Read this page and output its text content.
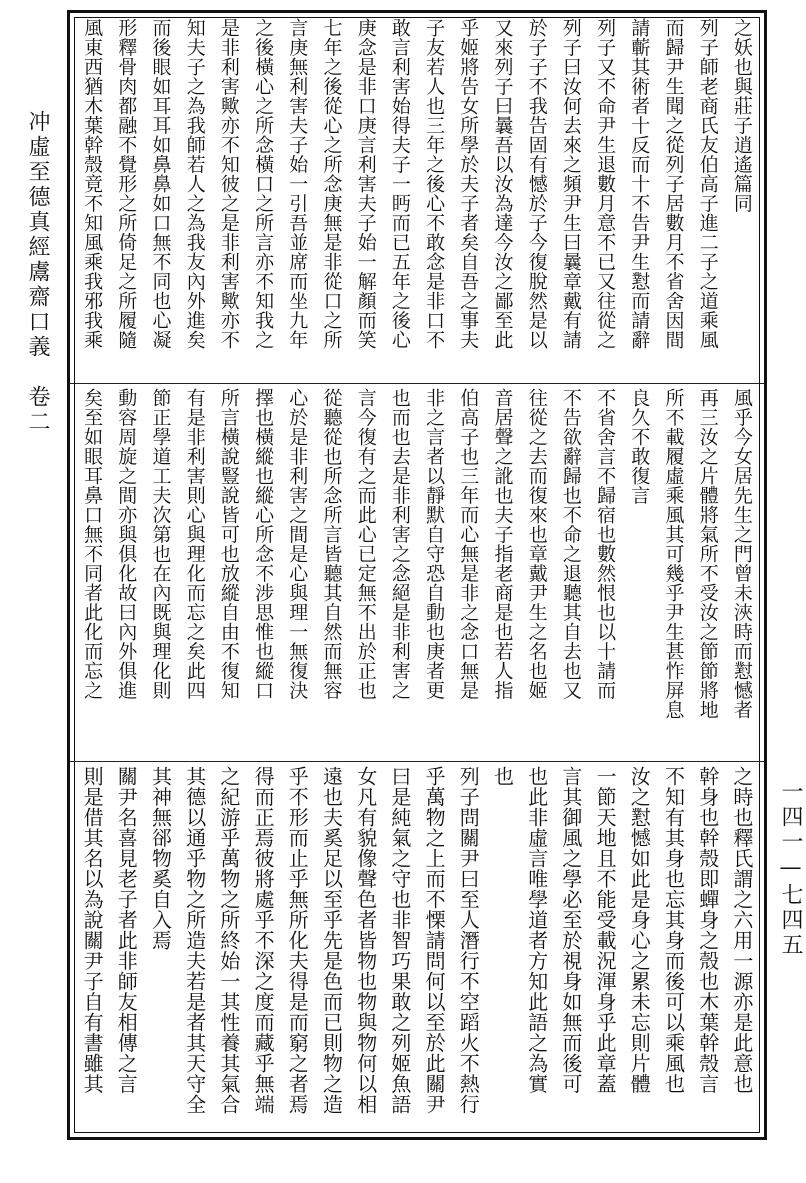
冲虛至德真經鬳齋口義　卷二
一四一—七四五
之妖也與莊子逍遙篇同
列子師老商氏友伯高子進二子之道乘風
而歸尹生聞之從列子居數月不省舍因間
請蘄其術者十反而十不告尹生懟而請辭
列子又不命尹生退數月意不已又往從之
列子曰汝何去來之頻尹生曰曩章戴有請
於子子不我告固有憾於子今復脫然是以
又來列子曰曩吾以汝為達今汝之鄙至此
乎姬將告女所學於夫子者矣自吾之事夫
子友若人也三年之後心不敢念是非口不
敢言利害始得夫子一眄而已五年之後心
庚念是非口庚言利害夫子始一解顏而笑
七年之後從心之所念庚無是非從口之所
言庚無利害夫子始一引吾並席而坐九年
之後橫心之所念橫口之所言亦不知我之
是非利害歟亦不知彼之是非利害歟亦不
知夫子之為我師若人之為我友內外進矣
而後眼如耳耳如鼻鼻如口無不同也心凝
形釋骨肉都融不覺形之所倚足之所履隨
風東西猶木葉幹殼竟不知風乘我邪我乘
風乎今女居先生之門曾未浹時而懟憾者
再三汝之片體將氣所不受汝之節節將地
所不載履虛乘風其可幾乎尹生甚怍屏息
良久不敢復言
不省舍言不歸宿也數然恨也以十請而
不告欲辭歸也不命之退聽其自去也又
往從之去而復來也章戴尹生之名也姬
音居聲之訛也夫子指老商是也若人指
伯高子也三年而心無是非之念口無是
非之言者以靜默自守恐自動也庚者更
也而也去是非利害之念絕是非利害之
言今復有之而此心已定無不出於正也
從聽從也所念所言皆聽其自然而無容
心於是非利害之間是心與理一無復決
擇也橫縱也縱心所念不涉思惟也縱口
所言橫說豎說皆可也放縱自由不復知
有是非利害則心與理化而忘之矣此四
節正學道工夫次第也在內既與理化則
動容周旋之間亦與俱化故曰內外俱進
矣至如眼耳鼻口無不同者此化而忘之
之時也釋氏謂之六用一源亦是此意也
幹身也幹殼即蟬身之殼也木葉幹殼言
不知有其身也忘其身而後可以乘風也
汝之懟憾如此是身心之累未忘則片體
一節天地且不能受載況渾身乎此章蓋
言其御風之學必至於視身如無而後可
也此非虛言唯學道者方知此語之為實
也
列子問關尹曰至人潛行不空蹈火不熱行
乎萬物之上而不慄請問何以至於此關尹
曰是純氣之守也非智巧果敢之列姬魚語
女凡有貌像聲色者皆物也物與物何以相
遠也夫奚足以至乎先是色而已則物之造
乎不形而止乎無所化夫得是而窮之者焉
得而正焉彼將處乎不深之度而藏乎無端
之紀游乎萬物之所終始一其性養其氣合
其德以通乎物之所造夫若是者其天守全
其神無郤物奚自入焉
關尹名喜見老子者此非師友相傳之言
則是借其名以為說關尹子自有書雖其
